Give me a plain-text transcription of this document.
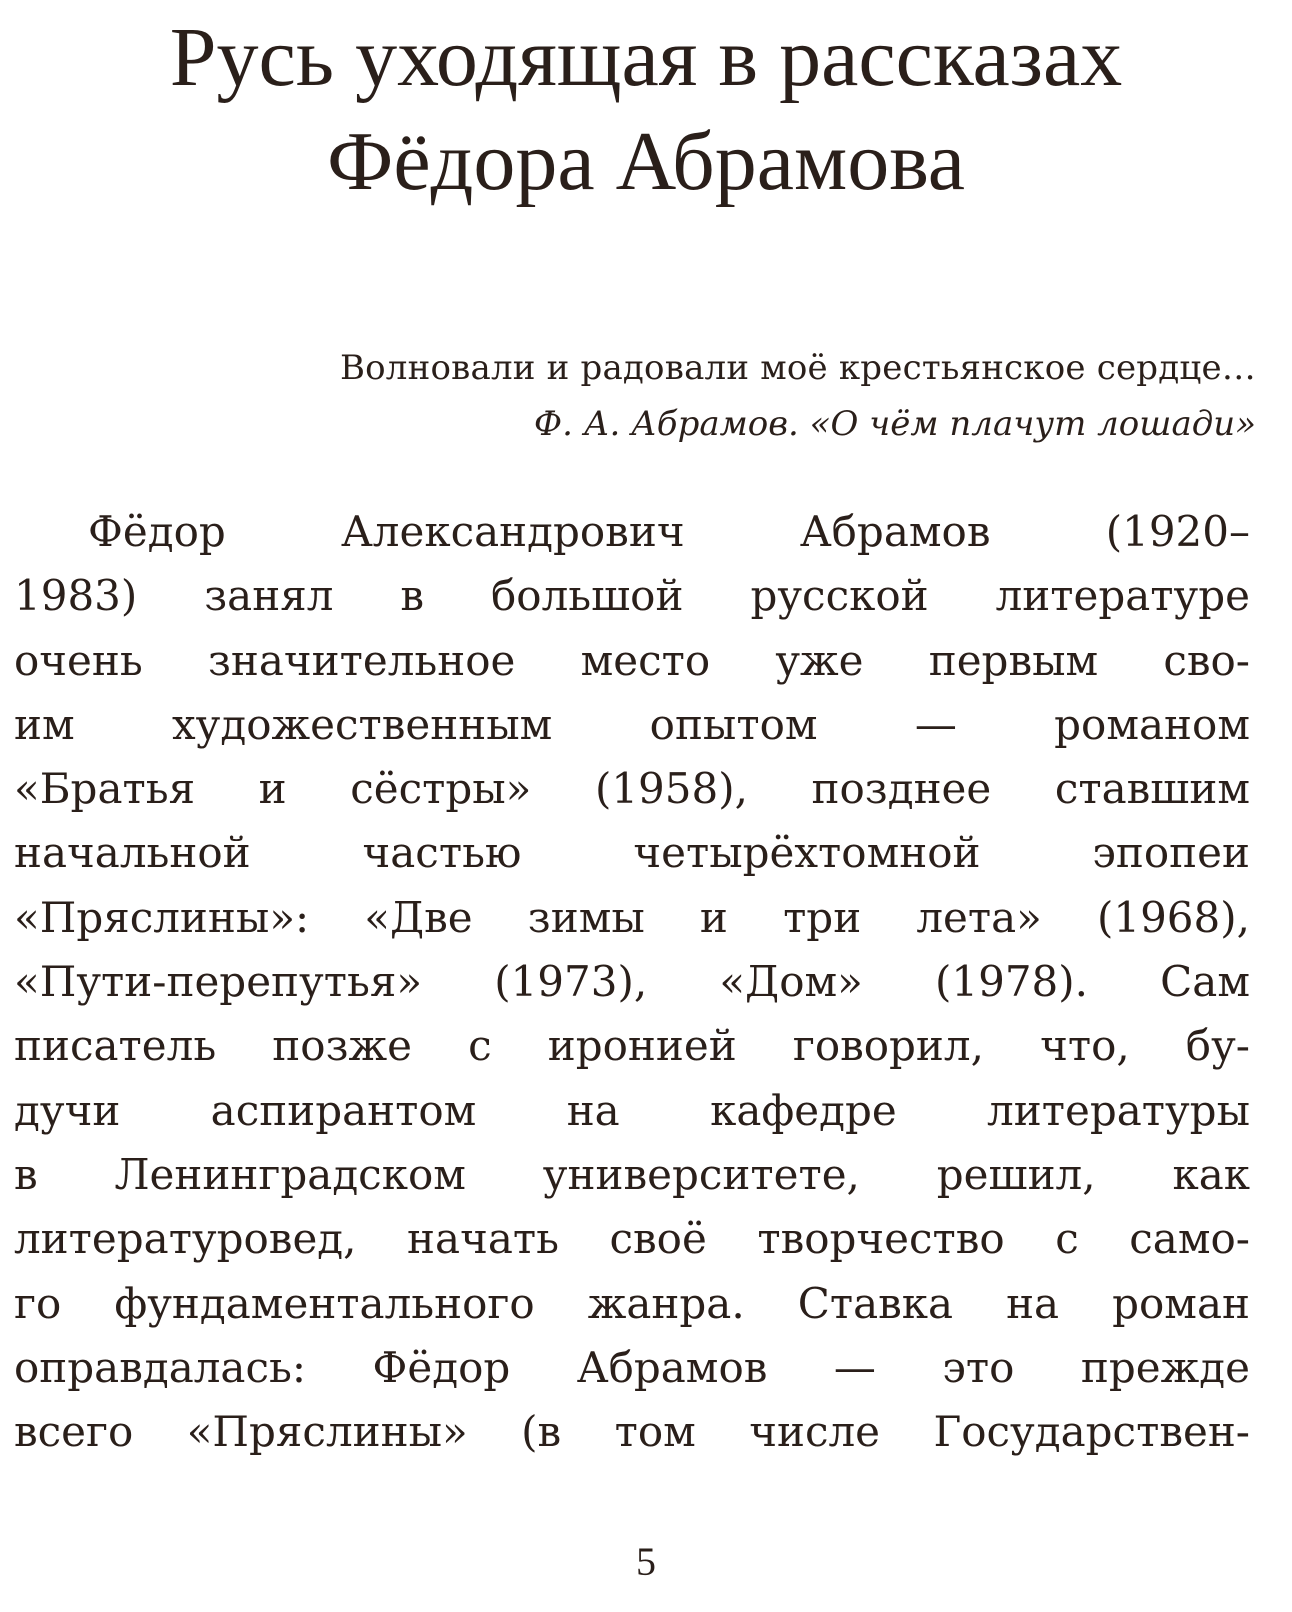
Русь уходящая в рассказах
Фёдора Абрамова
Волновали и радовали моё крестьянское сердце…
Ф. А. Абрамов. «О чём плачут лошади»
Фёдор Александрович Абрамов (1920–
1983) занял в большой русской литературе
очень значительное место уже первым сво-
им художественным опытом — романом
«Братья и сёстры» (1958), позднее ставшим
начальной частью четырёхтомной эпопеи
«Пряслины»: «Две зимы и три лета» (1968),
«Пути-перепутья» (1973), «Дом» (1978). Сам
писатель позже с иронией говорил, что, бу-
дучи аспирантом на кафедре литературы
в Ленинградском университете, решил, как
литературовед, начать своё творчество с само-
го фундаментального жанра. Ставка на роман
оправдалась: Фёдор Абрамов — это прежде
всего «Пряслины» (в том числе Государствен-
5
